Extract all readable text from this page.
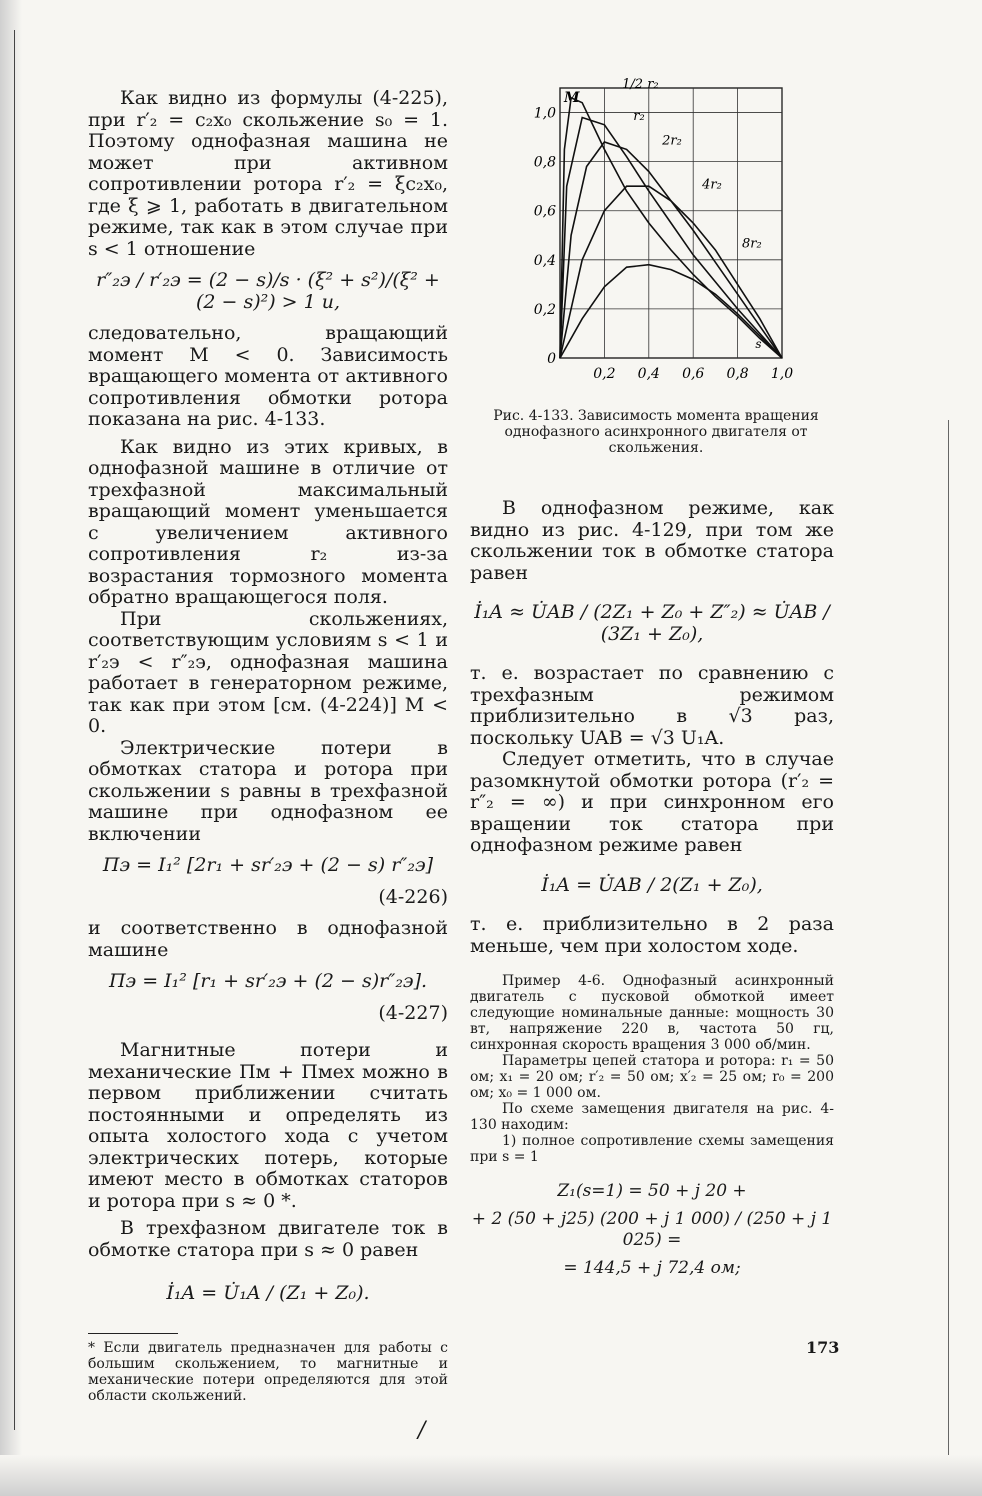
Как видно из формулы (4-225), при r′₂ = c₂x₀ скольжение s₀ = 1. Поэтому однофазная машина не может при активном сопротивлении ротора r′₂ = ξc₂x₀, где ξ ⩾ 1, работать в двигательном режиме, так как в этом случае при s < 1 отношение

r″₂э / r′₂э = (2 − s)/s · (ξ² + s²)/(ξ² + (2 − s)²) > 1 и,

следовательно, вращающий момент M < 0. Зависимость вращающего момента от активного сопротивления обмотки ротора показана на рис. 4-133.

Как видно из этих кривых, в однофазной машине в отличие от трехфазной максимальный вращающий момент уменьшается с увеличением активного сопротивления r₂ из-за возрастания тормозного момента обратно вращающегося поля.

При скольжениях, соответствующим условиям s < 1 и r′₂э < r″₂э, однофазная машина работает в генераторном режиме, так как при этом [см. (4-224)] M < 0.

Электрические потери в обмотках статора и ротора при скольжении s равны в трехфазной машине при однофазном ее включении

Пэ = I₁² [2r₁ + sr′₂э + (2 − s) r″₂э]

(4-226)

и соответственно в однофазной машине

Пэ = I₁² [r₁ + sr′₂э + (2 − s)r″₂э].

(4-227)

Магнитные потери и механические Пм + Пмех можно в первом приближении считать постоянными и определять из опыта холостого хода с учетом электрических потерь, которые имеют место в обмотках статоров и ротора при s ≈ 0 *.

В трехфазном двигателе ток в обмотке статора при s ≈ 0 равен

İ₁A = U̇₁A / (Z₁ + Z₀).

* Если двигатель предназначен для работы с большим скольжением, то магнитные и механические потери определяются для этой области скольжений.

0,2 0,4 0,6 0,8 1,0
0
0,2
0,4
0,6
0,8
1,0
M
1/2 r₂
r₂
2r₂
4r₂
8r₂
s
Рис. 4-133. Зависимость момента вращения однофазного асинхронного двигателя от скольжения.

В однофазном режиме, как видно из рис. 4-129, при том же скольжении ток в обмотке статора равен

İ₁A ≈ U̇AB / (2Z₁ + Z₀ + Z″₂) ≈ U̇AB / (3Z₁ + Z₀),

т. е. возрастает по сравнению с трехфазным режимом приблизительно в √3 раз, поскольку UAB = √3 U₁A.

Следует отметить, что в случае разомкнутой обмотки ротора (r′₂ = r″₂ = ∞) и при синхронном его вращении ток статора при однофазном режиме равен

İ₁A = U̇AB / 2(Z₁ + Z₀),

т. е. приблизительно в 2 раза меньше, чем при холостом ходе.

Пример 4-6. Однофазный асинхронный двигатель с пусковой обмоткой имеет следующие номинальные данные: мощность 30 вт, напряжение 220 в, частота 50 гц, синхронная скорость вращения 3 000 об/мин.

Параметры цепей статора и ротора: r₁ = 50 ом; x₁ = 20 ом; r′₂ = 50 ом; x′₂ = 25 ом; r₀ = 200 ом; x₀ = 1 000 ом.

По схеме замещения двигателя на рис. 4-130 находим:

1) полное сопротивление схемы замещения при s = 1

Z₁(s=1) = 50 + j 20 +

+ 2 (50 + j25) (200 + j 1 000) / (250 + j 1 025) =

= 144,5 + j 72,4 ом;

173
/
